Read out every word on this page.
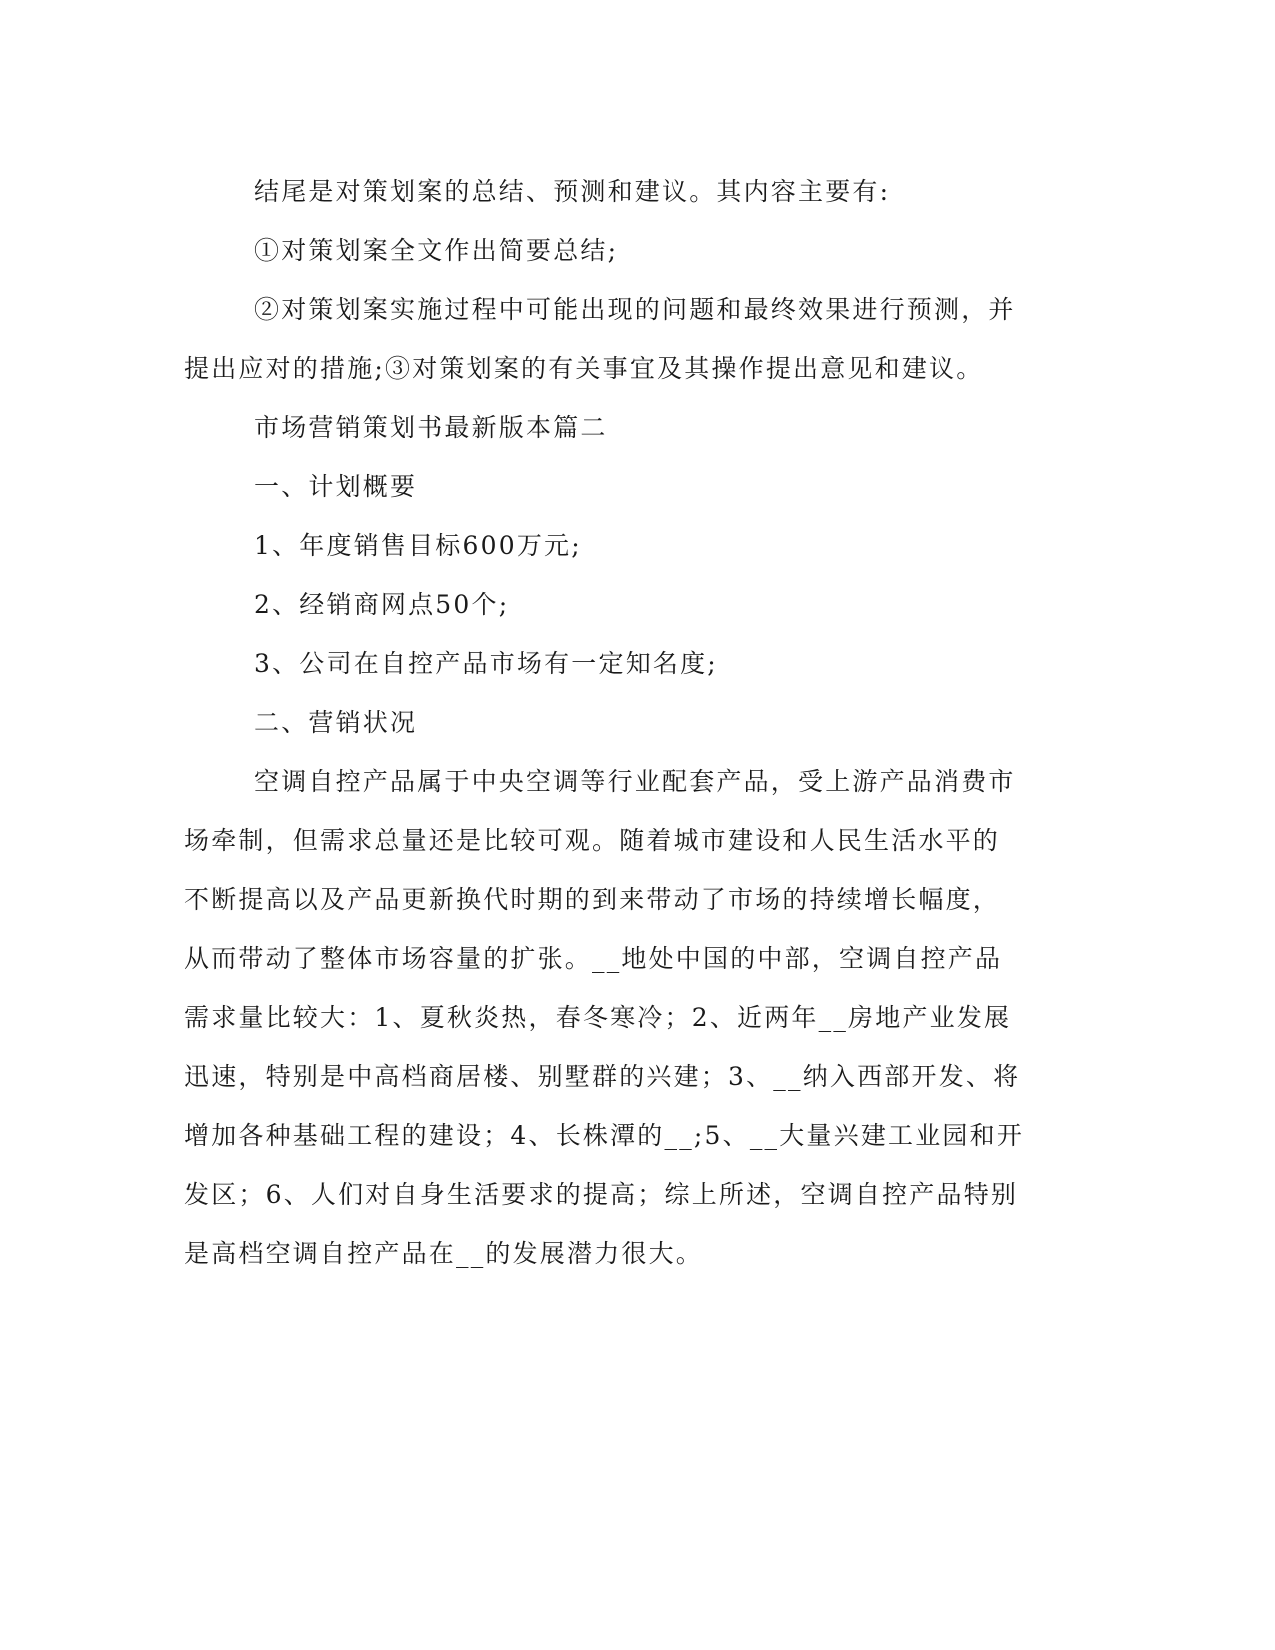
结尾是对策划案的总结、预测和建议。其内容主要有:
①对策划案全文作出简要总结;
②对策划案实施过程中可能出现的问题和最终效果进行预测，并
提出应对的措施;③对策划案的有关事宜及其操作提出意见和建议。
市场营销策划书最新版本篇二
一、计划概要
1、年度销售目标600万元;
2、经销商网点50个;
3、公司在自控产品市场有一定知名度;
二、营销状况
空调自控产品属于中央空调等行业配套产品，受上游产品消费市
场牵制，但需求总量还是比较可观。随着城市建设和人民生活水平的
不断提高以及产品更新换代时期的到来带动了市场的持续增长幅度，
从而带动了整体市场容量的扩张。__地处中国的中部，空调自控产品
需求量比较大：1、夏秋炎热，春冬寒冷；2、近两年__房地产业发展
迅速，特别是中高档商居楼、别墅群的兴建；3、__纳入西部开发、将
增加各种基础工程的建设；4、长株潭的__;5、__大量兴建工业园和开
发区；6、人们对自身生活要求的提高；综上所述，空调自控产品特别
是高档空调自控产品在__的发展潜力很大。
